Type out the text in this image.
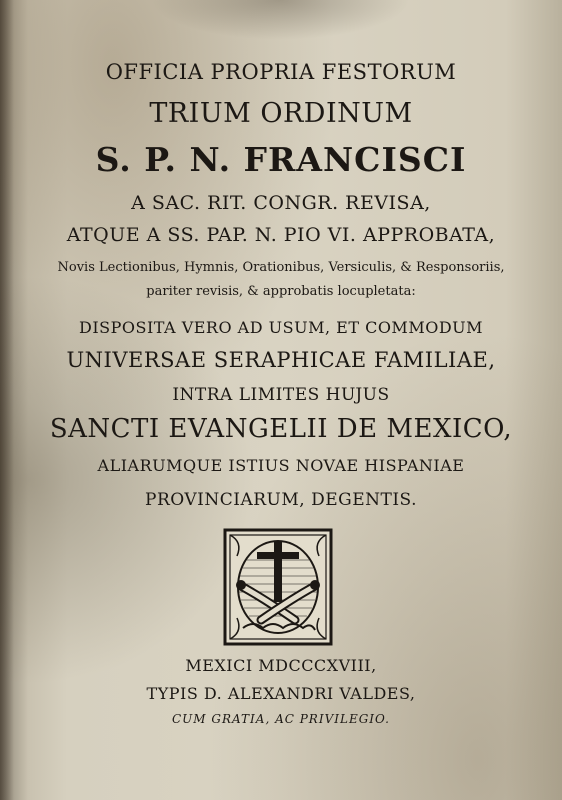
OFFICIA PROPRIA FESTORUM
TRIUM ORDINUM
S. P. N. FRANCISCI
A SAC. RIT. CONGR. REVISA,
ATQUE A SS. PAP. N. PIO VI. APPROBATA,
Novis Lectionibus, Hymnis, Orationibus, Versiculis, & Responsoriis,
pariter revisis, & approbatis locupletata:
DISPOSITA VERO AD USUM, ET COMMODUM
UNIVERSAE SERAPHICAE FAMILIAE,
INTRA LIMITES HUJUS
SANCTI EVANGELII DE MEXICO,
ALIARUMQUE ISTIUS NOVAE HISPANIAE
PROVINCIARUM, DEGENTIS.
MEXICI MDCCCXVIII,
TYPIS D. ALEXANDRI VALDES,
CUM GRATIA, AC PRIVILEGIO.
